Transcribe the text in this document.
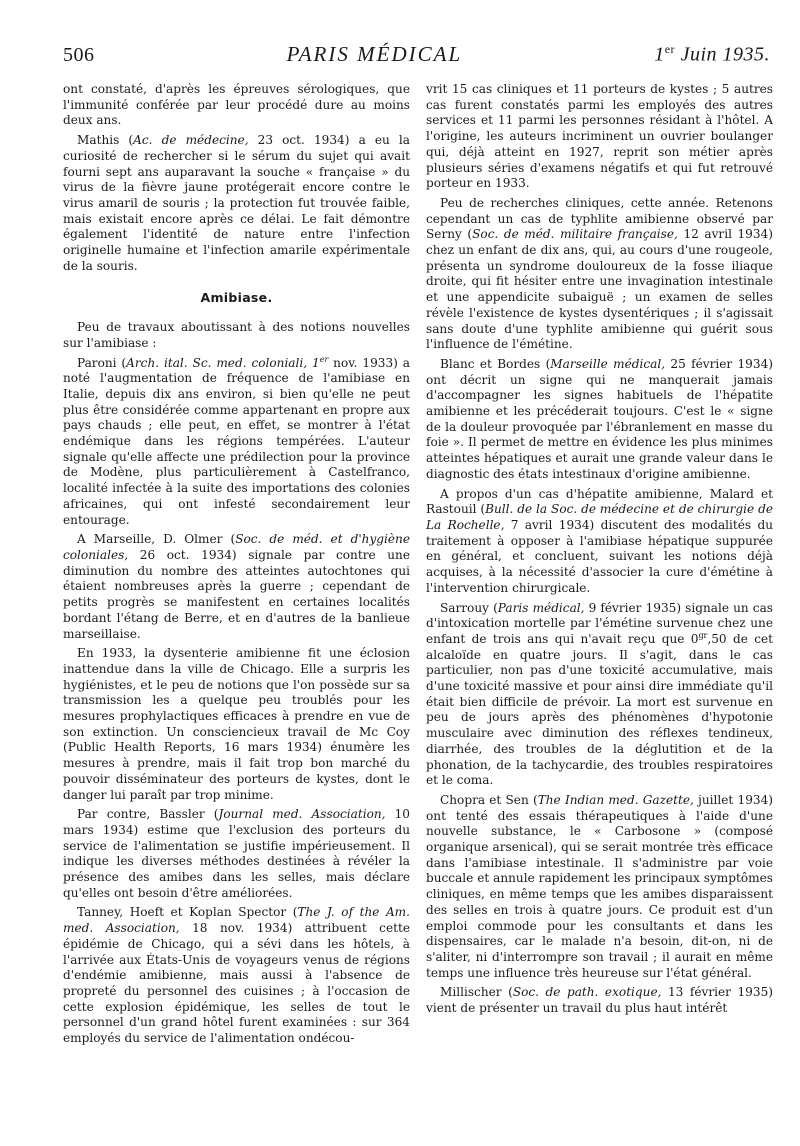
506	PARIS MÉDICAL	1er Juin 1935.

ont constaté, d'après les épreuves sérologiques, que l'immunité conférée par leur procédé dure au moins deux ans.

Mathis (Ac. de médecine, 23 oct. 1934) a eu la curiosité de rechercher si le sérum du sujet qui avait fourni sept ans auparavant la souche « française » du virus de la fièvre jaune protégerait encore contre le virus amaril de souris ; la protection fut trouvée faible, mais existait encore après ce délai. Le fait démontre également l'identité de nature entre l'infection originelle humaine et l'infection amarile expérimentale de la souris.

Amibiase.

Peu de travaux aboutissant à des notions nouvelles sur l'amibiase :

Paroni (Arch. ital. Sc. med. coloniali, 1er nov. 1933) a noté l'augmentation de fréquence de l'amibiase en Italie, depuis dix ans environ, si bien qu'elle ne peut plus être considérée comme appartenant en propre aux pays chauds ; elle peut, en effet, se montrer à l'état endémique dans les régions tempérées. L'auteur signale qu'elle affecte une prédilection pour la province de Modène, plus particulièrement à Castelfranco, localité infectée à la suite des importations des colonies africaines, qui ont infesté secondairement leur entourage.

A Marseille, D. Olmer (Soc. de méd. et d'hygiène coloniales, 26 oct. 1934) signale par contre une diminution du nombre des atteintes autochtones qui étaient nombreuses après la guerre ; cependant de petits progrès se manifestent en certaines localités bordant l'étang de Berre, et en d'autres de la banlieue marseillaise.

En 1933, la dysenterie amibienne fit une éclosion inattendue dans la ville de Chicago. Elle a surpris les hygiénistes, et le peu de notions que l'on possède sur sa transmission les a quelque peu troublés pour les mesures prophylactiques efficaces à prendre en vue de son extinction. Un consciencieux travail de Mc Coy (Public Health Reports, 16 mars 1934) énumère les mesures à prendre, mais il fait trop bon marché du pouvoir disséminateur des porteurs de kystes, dont le danger lui paraît par trop minime.

Par contre, Bassler (Journal med. Association, 10 mars 1934) estime que l'exclusion des porteurs du service de l'alimentation se justifie impérieusement. Il indique les diverses méthodes destinées à révéler la présence des amibes dans les selles, mais déclare qu'elles ont besoin d'être améliorées.

Tanney, Hoeft et Koplan Spector (The J. of the Am. med. Association, 18 nov. 1934) attribuent cette épidémie de Chicago, qui a sévi dans les hôtels, à l'arrivée aux États-Unis de voyageurs venus de régions d'endémie amibienne, mais aussi à l'absence de propreté du personnel des cuisines ; à l'occasion de cette explosion épidémique, les selles de tout le personnel d'un grand hôtel furent examinées : sur 364 employés du service de l'alimentation ondécou-

vrit 15 cas cliniques et 11 porteurs de kystes ; 5 autres cas furent constatés parmi les employés des autres services et 11 parmi les personnes résidant à l'hôtel. A l'origine, les auteurs incriminent un ouvrier boulanger qui, déjà atteint en 1927, reprit son métier après plusieurs séries d'examens négatifs et qui fut retrouvé porteur en 1933.

Peu de recherches cliniques, cette année. Retenons cependant un cas de typhlite amibienne observé par Serny (Soc. de méd. militaire française, 12 avril 1934) chez un enfant de dix ans, qui, au cours d'une rougeole, présenta un syndrome douloureux de la fosse iliaque droite, qui fit hésiter entre une invagination intestinale et une appendicite subaiguë ; un examen de selles révèle l'existence de kystes dysentériques ; il s'agissait sans doute d'une typhlite amibienne qui guérit sous l'influence de l'émétine.

Blanc et Bordes (Marseille médical, 25 février 1934) ont décrit un signe qui ne manquerait jamais d'accompagner les signes habituels de l'hépatite amibienne et les précéderait toujours. C'est le « signe de la douleur provoquée par l'ébranlement en masse du foie ». Il permet de mettre en évidence les plus minimes atteintes hépatiques et aurait une grande valeur dans le diagnostic des états intestinaux d'origine amibienne.

A propos d'un cas d'hépatite amibienne, Malard et Rastouil (Bull. de la Soc. de médecine et de chirurgie de La Rochelle, 7 avril 1934) discutent des modalités du traitement à opposer à l'amibiase hépatique suppurée en général, et concluent, suivant les notions déjà acquises, à la nécessité d'associer la cure d'émétine à l'intervention chirurgicale.

Sarrouy (Paris médical, 9 février 1935) signale un cas d'intoxication mortelle par l'émétine survenue chez une enfant de trois ans qui n'avait reçu que $0^{gr},50$ de cet alcaloïde en quatre jours. Il s'agit, dans le cas particulier, non pas d'une toxicité accumulative, mais d'une toxicité massive et pour ainsi dire immédiate qu'il était bien difficile de prévoir. La mort est survenue en peu de jours après des phénomènes d'hypotonie musculaire avec diminution des réflexes tendineux, diarrhée, des troubles de la déglutition et de la phonation, de la tachycardie, des troubles respiratoires et le coma.

Chopra et Sen (The Indian med. Gazette, juillet 1934) ont tenté des essais thérapeutiques à l'aide d'une nouvelle substance, le « Carbosone » (composé organique arsenical), qui se serait montrée très efficace dans l'amibiase intestinale. Il s'administre par voie buccale et annule rapidement les principaux symptômes cliniques, en même temps que les amibes disparaissent des selles en trois à quatre jours. Ce produit est d'un emploi commode pour les consultants et dans les dispensaires, car le malade n'a besoin, dit-on, ni de s'aliter, ni d'interrompre son travail ; il aurait en même temps une influence très heureuse sur l'état général.

Millischer (Soc. de path. exotique, 13 février 1935) vient de présenter un travail du plus haut intérêt
